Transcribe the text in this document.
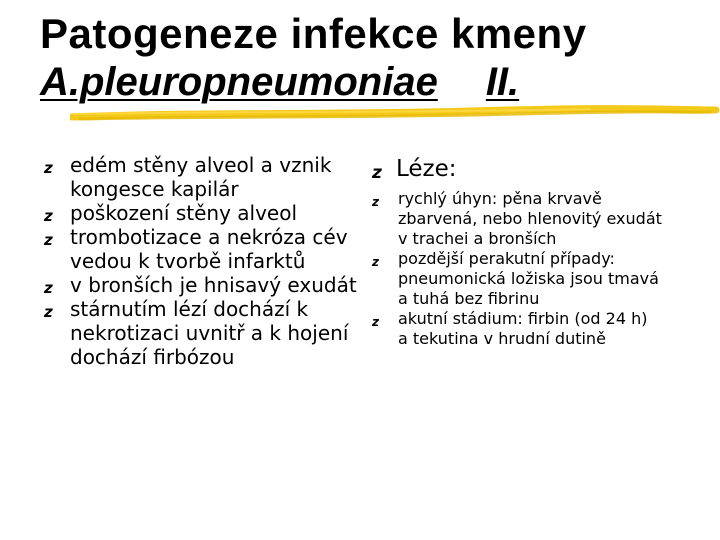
Patogeneze infekce kmeny
A.pleuropneumoniae II.
z edém stěny alveol a vznik kongesce kapilár
z poškození stěny alveol
z trombotizace a nekróza cév vedou k tvorbě infarktů
z v bronších je hnisavý exudát
z stárnutím lézí dochází k nekrotizaci uvnitř a k hojení dochází firbózou
z Léze:
z rychlý úhyn: pěna krvavě zbarvená, nebo hlenovitý exudát v trachei a bronších
z pozdější perakutní případy: pneumonická ložiska jsou tmavá a tuhá bez fibrinu
z akutní stádium: firbin (od 24 h) a tekutina v hrudní dutině
